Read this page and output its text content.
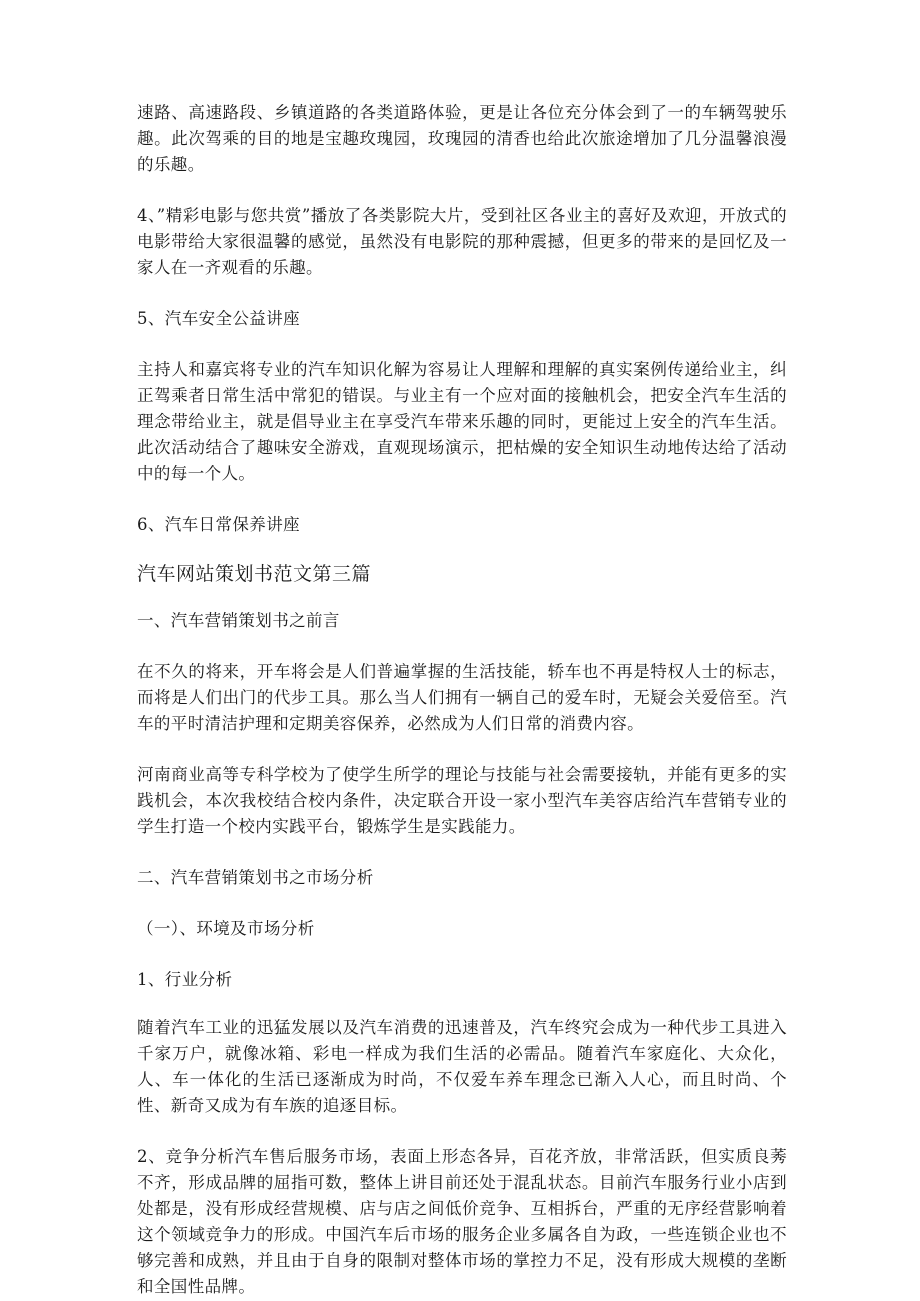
速路、高速路段、乡镇道路的各类道路体验，更是让各位充分体会到了一的车辆驾驶乐趣。此次驾乘的目的地是宝趣玫瑰园，玫瑰园的清香也给此次旅途增加了几分温馨浪漫的乐趣。

4、”精彩电影与您共赏”播放了各类影院大片，受到社区各业主的喜好及欢迎，开放式的电影带给大家很温馨的感觉，虽然没有电影院的那种震撼，但更多的带来的是回忆及一家人在一齐观看的乐趣。

5、汽车安全公益讲座

主持人和嘉宾将专业的汽车知识化解为容易让人理解和理解的真实案例传递给业主，纠正驾乘者日常生活中常犯的错误。与业主有一个应对面的接触机会，把安全汽车生活的理念带给业主，就是倡导业主在享受汽车带来乐趣的同时，更能过上安全的汽车生活。此次活动结合了趣味安全游戏，直观现场演示，把枯燥的安全知识生动地传达给了活动中的每一个人。

6、汽车日常保养讲座

汽车网站策划书范文第三篇

一、汽车营销策划书之前言

在不久的将来，开车将会是人们普遍掌握的生活技能，轿车也不再是特权人士的标志，而将是人们出门的代步工具。那么当人们拥有一辆自己的爱车时，无疑会关爱倍至。汽车的平时清洁护理和定期美容保养，必然成为人们日常的消费内容。

河南商业高等专科学校为了使学生所学的理论与技能与社会需要接轨，并能有更多的实践机会，本次我校结合校内条件，决定联合开设一家小型汽车美容店给汽车营销专业的学生打造一个校内实践平台，锻炼学生是实践能力。

二、汽车营销策划书之市场分析

（一）、环境及市场分析

1、行业分析

随着汽车工业的迅猛发展以及汽车消费的迅速普及，汽车终究会成为一种代步工具进入千家万户，就像冰箱、彩电一样成为我们生活的必需品。随着汽车家庭化、大众化，人、车一体化的生活已逐渐成为时尚，不仅爱车养车理念已渐入人心，而且时尚、个性、新奇又成为有车族的追逐目标。

2、竞争分析汽车售后服务市场，表面上形态各异，百花齐放，非常活跃，但实质良莠不齐，形成品牌的屈指可数，整体上讲目前还处于混乱状态。目前汽车服务行业小店到处都是，没有形成经营规模、店与店之间低价竞争、互相拆台，严重的无序经营影响着这个领域竞争力的形成。中国汽车后市场的服务企业多属各自为政，一些连锁企业也不够完善和成熟，并且由于自身的限制对整体市场的掌控力不足，没有形成大规模的垄断和全国性品牌。
